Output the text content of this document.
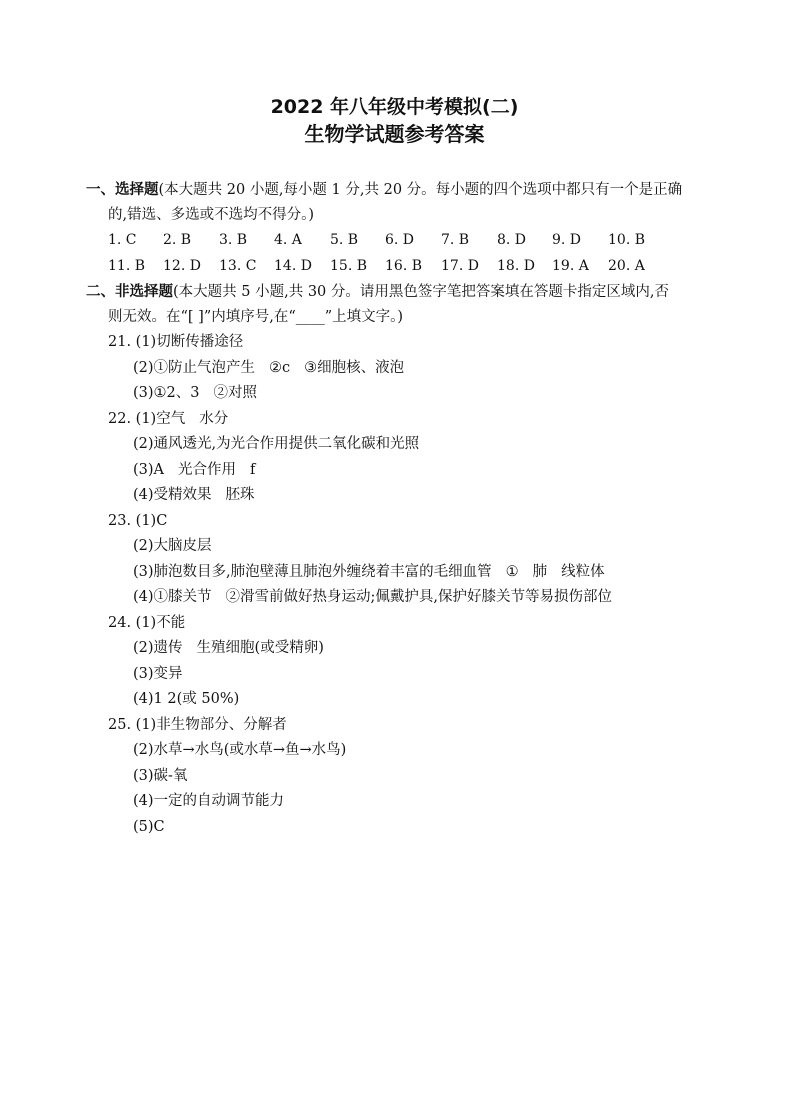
2022 年八年级中考模拟(二)
生物学试题参考答案
一、选择题(本大题共 20 小题,每小题 1 分,共 20 分。每小题的四个选项中都只有一个是正确
的,错选、多选或不选均不得分。)
1. C 2. B 3. B 4. A 5. B 6. D 7. B 8. D 9. D 10. B
11. B 12. D 13. C 14. D 15. B 16. B 17. D 18. D 19. A 20. A
二、非选择题(本大题共 5 小题,共 30 分。请用黑色签字笔把答案填在答题卡指定区域内,否
则无效。在“[ ]”内填序号,在“____”上填文字。)
21. (1)切断传播途径
(2)①防止气泡产生 ②c ③细胞核、液泡
(3)①2、3 ②对照
22. (1)空气 水分
(2)通风透光,为光合作用提供二氧化碳和光照
(3)A 光合作用 f
(4)受精效果 胚珠
23. (1)C
(2)大脑皮层
(3)肺泡数目多,肺泡壁薄且肺泡外缠绕着丰富的毛细血管 ① 肺 线粒体
(4)①膝关节 ②滑雪前做好热身运动;佩戴护具,保护好膝关节等易损伤部位
24. (1)不能
(2)遗传 生殖细胞(或受精卵)
(3)变异
(4)1 2(或 50%)
25. (1)非生物部分、分解者
(2)水草→水鸟(或水草→鱼→水鸟)
(3)碳-氧
(4)一定的自动调节能力
(5)C
